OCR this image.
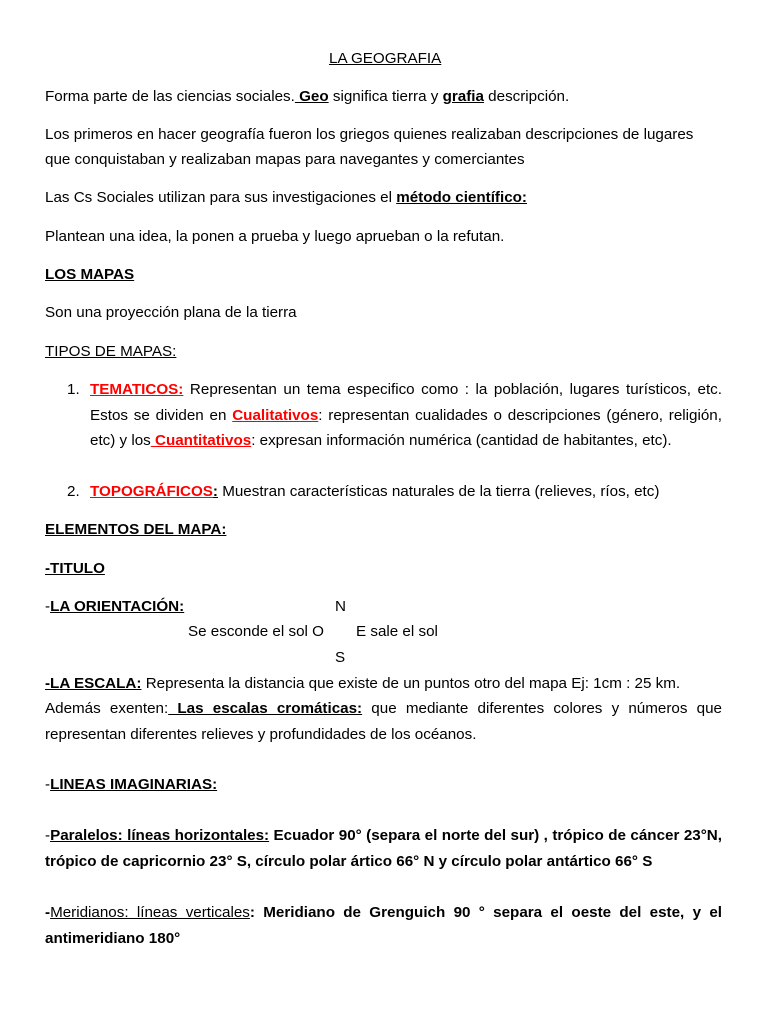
LA GEOGRAFIA
Forma parte de las ciencias sociales. Geo significa tierra y grafia descripción.
Los primeros en hacer geografía fueron los griegos quienes realizaban descripciones de lugares
que conquistaban y realizaban mapas para navegantes y comerciantes
Las Cs Sociales utilizan para sus investigaciones el método científico:
Plantean una idea, la ponen a prueba y luego aprueban o la refutan.
LOS MAPAS
Son una proyección plana de la tierra
TIPOS DE MAPAS:
1. TEMATICOS: Representan un tema especifico como : la población, lugares turísticos, etc. Estos se dividen en Cualitativos: representan cualidades o descripciones (género, religión, etc) y los Cuantitativos: expresan información numérica (cantidad de habitantes, etc).
2. TOPOGRÁFICOS: Muestran características naturales de la tierra (relieves, ríos, etc)
ELEMENTOS DEL MAPA:
-TITULO
-LA ORIENTACIÓN:	N
Se esconde el sol O E sale el sol
S
-LA ESCALA: Representa la distancia que existe de un puntos otro del mapa Ej: 1cm : 25 km.
Además exenten: Las escalas cromáticas: que mediante diferentes colores y números que representan diferentes relieves y profundidades de los océanos.
-LINEAS IMAGINARIAS:
-Paralelos: líneas horizontales: Ecuador 90° (separa el norte del sur) , trópico de cáncer 23°N, trópico de capricornio 23° S, círculo polar ártico 66° N y círculo polar antártico 66° S
-Meridianos: líneas verticales: Meridiano de Grenguich 90 ° separa el oeste del este, y el antimeridiano 180°
